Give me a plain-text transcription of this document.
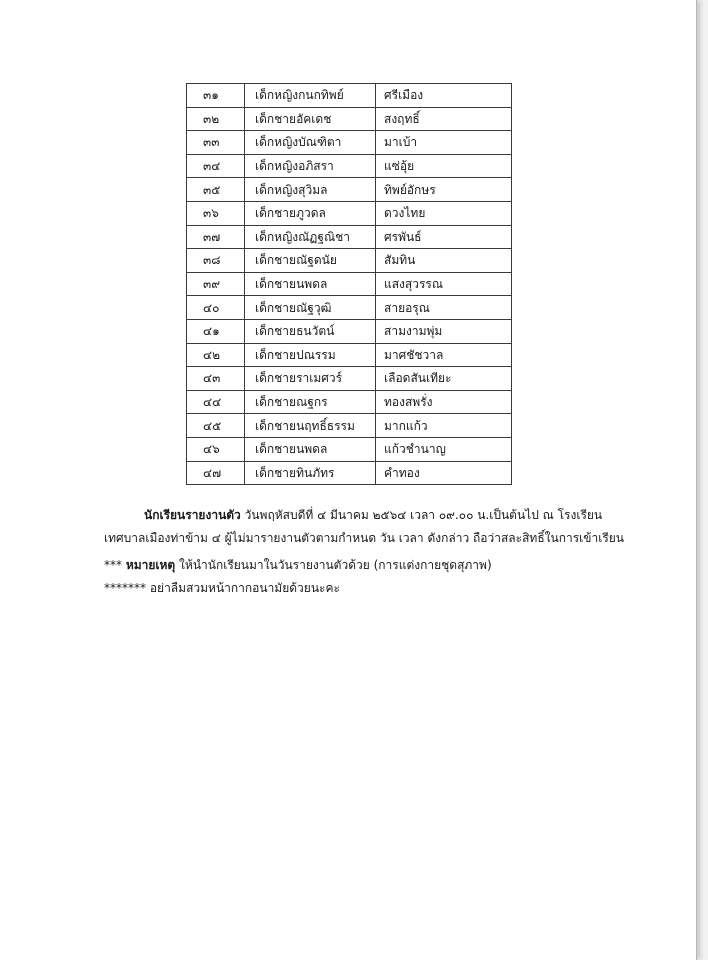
๓๑	เด็กหญิงกนกทิพย์	ศรีเมือง
๓๒	เด็กชายอัคเดช	สงฤทธิ์
๓๓	เด็กหญิงบัณฑิตา	มาเบ้า
๓๔	เด็กหญิงอภิสรา	แซ่อุ้ย
๓๕	เด็กหญิงสุวิมล	ทิพย์อักษร
๓๖	เด็กชายภูวดล	ดวงไทย
๓๗	เด็กหญิงณัฏฐณิชา	ศรพันธ์
๓๘	เด็กชายณัฐดนัย	สัมทิน
๓๙	เด็กชายนพดล	แสงสุวรรณ
๔๐	เด็กชายณัฐวุฒิ	สายอรุณ
๔๑	เด็กชายธนวัตน์	สามงามพุ่ม
๔๒	เด็กชายปณรรม	มาศชัชวาล
๔๓	เด็กชายราเมศวร์	เลือดสันเทียะ
๔๔	เด็กชายณฐกร	ทองสพรั่ง
๔๕	เด็กชายนฤทธิ์ธรรม	มากแก้ว
๔๖	เด็กชายนพดล	แก้วชำนาญ
๔๗	เด็กชายทินภัทร	คำทอง

นักเรียนรายงานตัว วันพฤหัสบดีที่ ๔ มีนาคม ๒๕๖๔ เวลา ๐๙.๐๐ น.เป็นต้นไป ณ โรงเรียน

เทศบาลเมืองท่าข้าม ๔ ผู้ไม่มารายงานตัวตามกำหนด วัน เวลา ดังกล่าว ถือว่าสละสิทธิ์ในการเข้าเรียน

*** หมายเหตุ ให้นำนักเรียนมาในวันรายงานตัวด้วย (การแต่งกายชุดสุภาพ)

******* อย่าลืมสวมหน้ากากอนามัยด้วยนะคะ
